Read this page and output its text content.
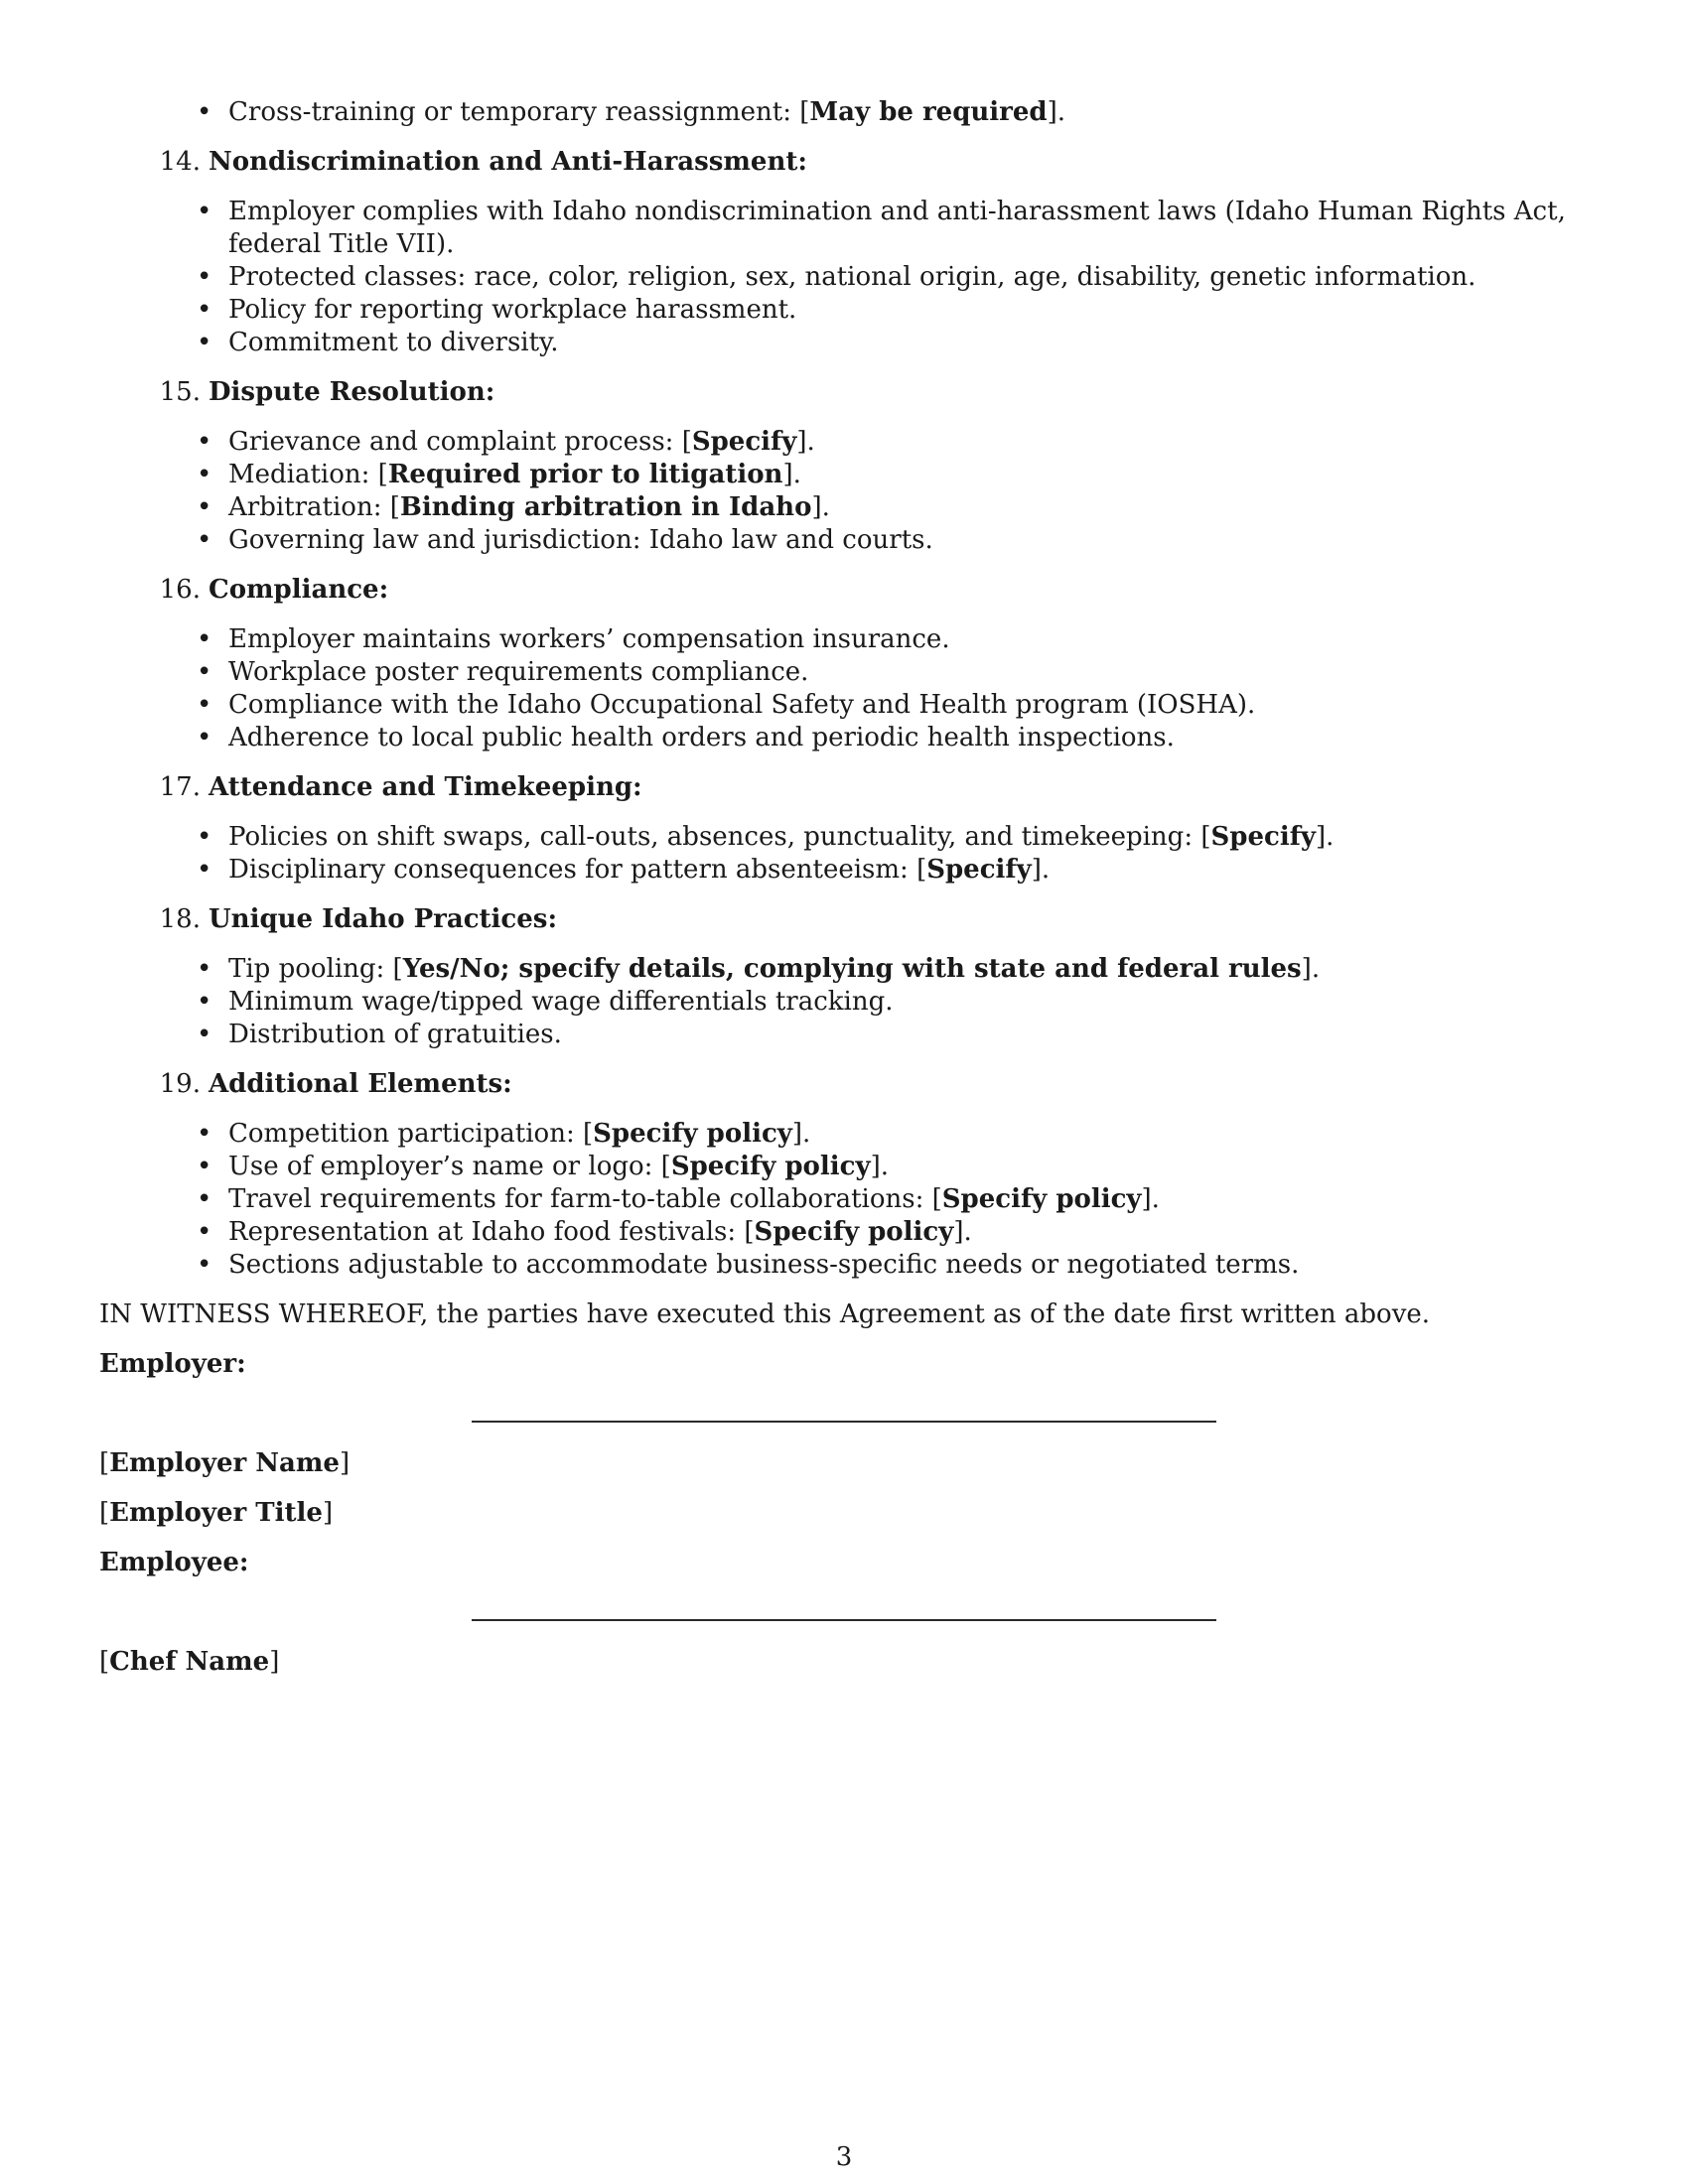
• Cross-training or temporary reassignment: [May be required].
14. Nondiscrimination and Anti-Harassment:
• Employer complies with Idaho nondiscrimination and anti-harassment laws (Idaho Human Rights Act, federal Title VII).
• Protected classes: race, color, religion, sex, national origin, age, disability, genetic information.
• Policy for reporting workplace harassment.
• Commitment to diversity.
15. Dispute Resolution:
• Grievance and complaint process: [Specify].
• Mediation: [Required prior to litigation].
• Arbitration: [Binding arbitration in Idaho].
• Governing law and jurisdiction: Idaho law and courts.
16. Compliance:
• Employer maintains workers’ compensation insurance.
• Workplace poster requirements compliance.
• Compliance with the Idaho Occupational Safety and Health program (IOSHA).
• Adherence to local public health orders and periodic health inspections.
17. Attendance and Timekeeping:
• Policies on shift swaps, call-outs, absences, punctuality, and timekeeping: [Specify].
• Disciplinary consequences for pattern absenteeism: [Specify].
18. Unique Idaho Practices:
• Tip pooling: [Yes/No; specify details, complying with state and federal rules].
• Minimum wage/tipped wage differentials tracking.
• Distribution of gratuities.
19. Additional Elements:
• Competition participation: [Specify policy].
• Use of employer’s name or logo: [Specify policy].
• Travel requirements for farm-to-table collaborations: [Specify policy].
• Representation at Idaho food festivals: [Specify policy].
• Sections adjustable to accommodate business-specific needs or negotiated terms.
IN WITNESS WHEREOF, the parties have executed this Agreement as of the date first written above.
Employer:
[Employer Name]
[Employer Title]
Employee:
[Chef Name]
3
